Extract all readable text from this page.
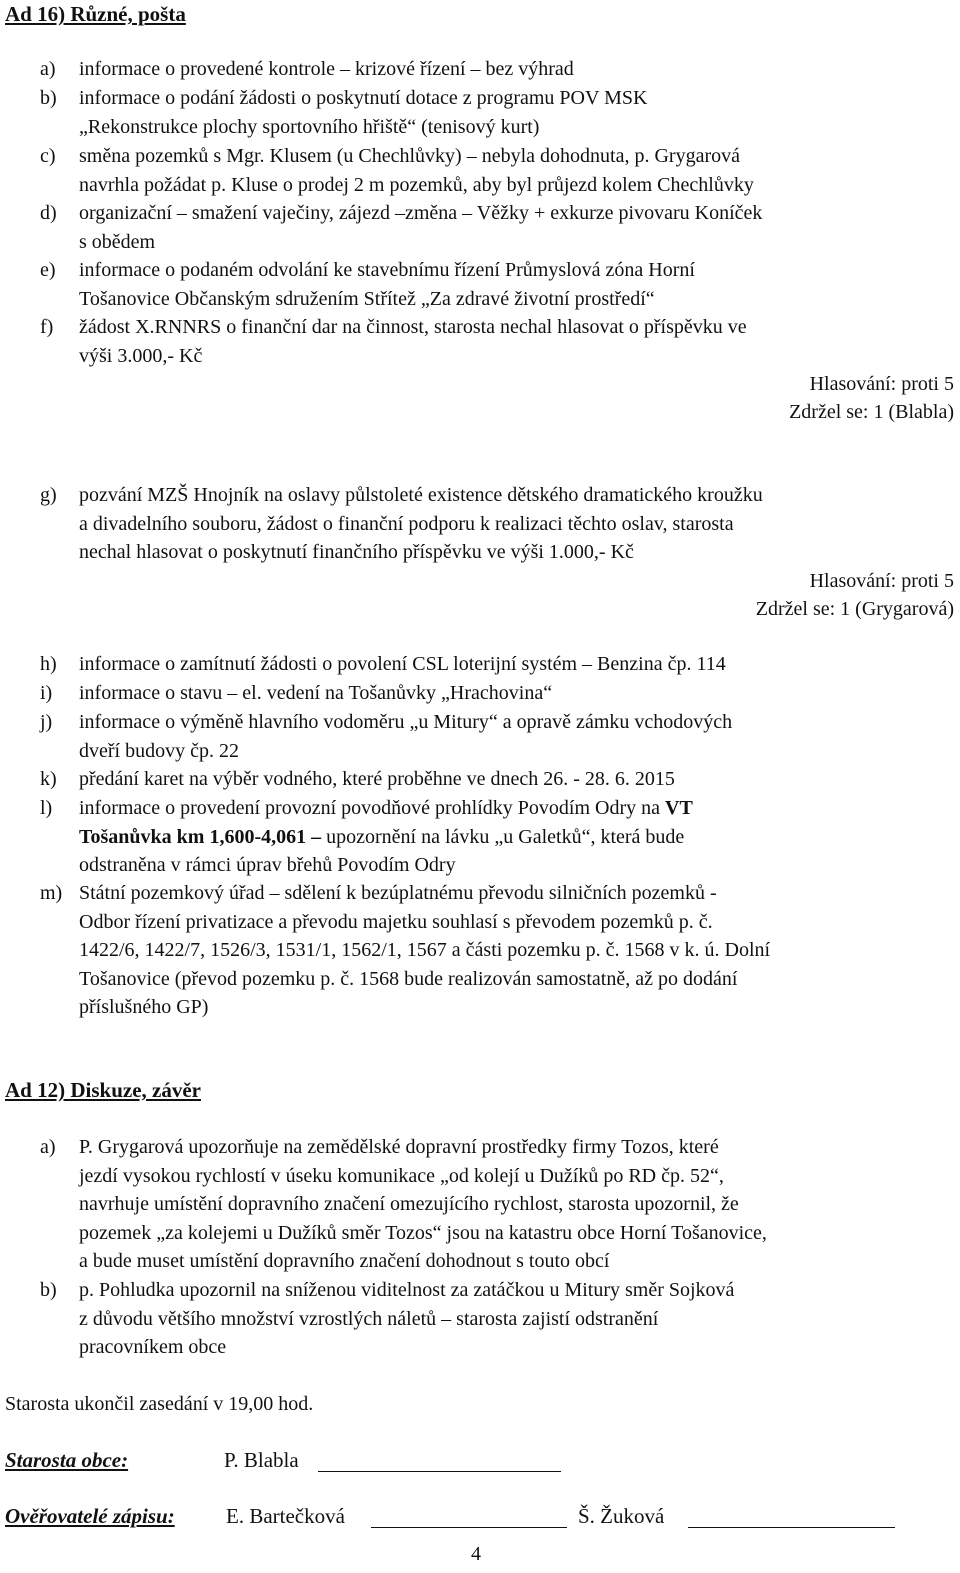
Ad 16) Různé, pošta
a) informace o provedené kontrole – krizové řízení – bez výhrad
b) informace o podání žádosti o poskytnutí dotace z programu POV MSK
„Rekonstrukce plochy sportovního hřiště“ (tenisový kurt)
c) směna pozemků s Mgr. Klusem (u Chechlůvky) – nebyla dohodnuta, p. Grygarová
navrhla požádat p. Kluse o prodej 2 m pozemků, aby byl průjezd kolem Chechlůvky
d) organizační – smažení vaječiny, zájezd –změna – Věžky + exkurze pivovaru Koníček
s obědem
e) informace o podaném odvolání ke stavebnímu řízení Průmyslová zóna Horní
Tošanovice Občanským sdružením Střítež „Za zdravé životní prostředí“
f) žádost X.RNNRS o finanční dar na činnost, starosta nechal hlasovat o příspěvku ve
výši 3.000,- Kč
Hlasování: proti 5
Zdržel se: 1 (Blabla)
g) pozvání MZŠ Hnojník na oslavy půlstoleté existence dětského dramatického kroužku
a divadelního souboru, žádost o finanční podporu k realizaci těchto oslav, starosta
nechal hlasovat o poskytnutí finančního příspěvku ve výši 1.000,- Kč
Hlasování: proti 5
Zdržel se: 1 (Grygarová)
h) informace o zamítnutí žádosti o povolení CSL loterijní systém – Benzina čp. 114
i) informace o stavu – el. vedení na Tošanůvky „Hrachovina“
j) informace o výměně hlavního vodoměru „u Mitury“ a opravě zámku vchodových
dveří budovy čp. 22
k) předání karet na výběr vodného, které proběhne ve dnech 26. - 28. 6. 2015
l) informace o provedení provozní povodňové prohlídky Povodím Odry na VT
Tošanůvka km 1,600-4,061 – upozornění na lávku „u Galetků“, která bude
odstraněna v rámci úprav břehů Povodím Odry
m) Státní pozemkový úřad – sdělení k bezúplatnému převodu silničních pozemků -
Odbor řízení privatizace a převodu majetku souhlasí s převodem pozemků p. č.
1422/6, 1422/7, 1526/3, 1531/1, 1562/1, 1567 a části pozemku p. č. 1568 v k. ú. Dolní
Tošanovice (převod pozemku p. č. 1568 bude realizován samostatně, až po dodání
příslušného GP)
Ad 12) Diskuze, závěr
a) P. Grygarová upozorňuje na zemědělské dopravní prostředky firmy Tozos, které
jezdí vysokou rychlostí v úseku komunikace „od kolejí u Dužíků po RD čp. 52“,
navrhuje umístění dopravního značení omezujícího rychlost, starosta upozornil, že
pozemek „za kolejemi u Dužíků směr Tozos“ jsou na katastru obce Horní Tošanovice,
a bude muset umístění dopravního značení dohodnout s touto obcí
b) p. Pohludka upozornil na sníženou viditelnost za zatáčkou u Mitury směr Sojková
z důvodu většího množství vzrostlých náletů – starosta zajistí odstranění
pracovníkem obce
Starosta ukončil zasedání v 19,00 hod.
Starosta obce:	P. Blabla
Ověřovatelé zápisu: E. Bartečková	Š. Žuková
4
